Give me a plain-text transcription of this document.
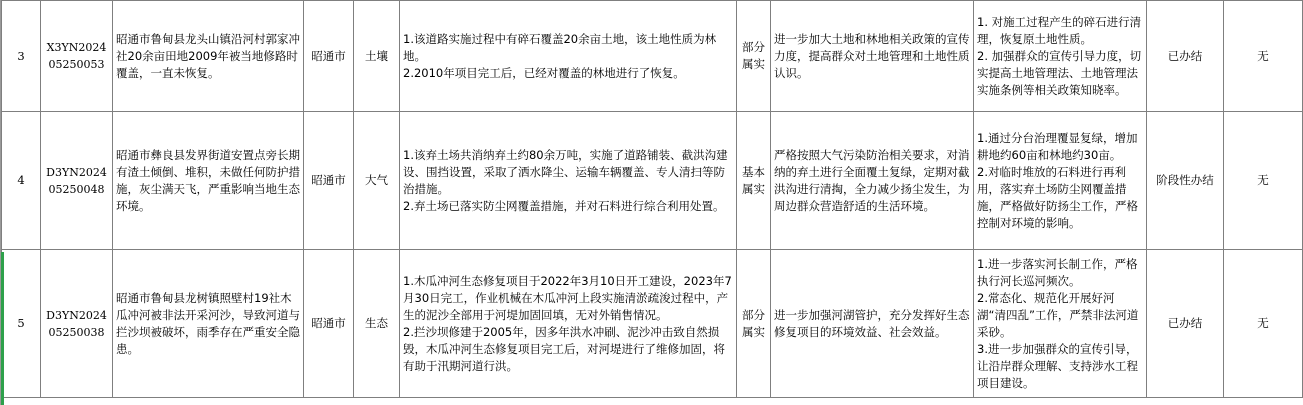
3	X3YN202405250053	昭通市鲁甸县龙头山镇沿河村郭家冲社20余亩田地2009年被当地修路时覆盖，一直未恢复。	昭通市	土壤	1.该道路实施过程中有碎石覆盖20余亩土地，该土地性质为林地。
2.2010年项目完工后，已经对覆盖的林地进行了恢复。	部分属实	进一步加大土地和林地相关政策的宣传力度，提高群众对土地管理和土地性质认识。	1. 对施工过程产生的碎石进行清理，恢复原土地性质。
2. 加强群众的宣传引导力度，切实提高土地管理法、土地管理法实施条例等相关政策知晓率。	已办结	无
4	D3YN202405250048	昭通市彝良县发界街道安置点旁长期有渣土倾倒、堆积，未做任何防护措施，灰尘满天飞，严重影响当地生态环境。	昭通市	大气	1.该弃土场共消纳弃土约80余万吨，实施了道路铺装、截洪沟建设、围挡设置，采取了洒水降尘、运输车辆覆盖、专人清扫等防治措施。
2.弃土场已落实防尘网覆盖措施，并对石料进行综合利用处置。	基本属实	严格按照大气污染防治相关要求，对消纳的弃土进行全面覆土复绿，定期对截洪沟进行清掏，全力减少扬尘发生，为周边群众营造舒适的生活环境。	1.通过分台治理覆显复绿，增加耕地约60亩和林地约30亩。
2.对临时堆放的石料进行再利用，落实弃土场防尘网覆盖措施，严格做好防扬尘工作，严格控制对环境的影响。	阶段性办结	无
5	D3YN202405250038	昭通市鲁甸县龙树镇照壁村19社木瓜冲河被非法开采河沙，导致河道与拦沙坝被破坏，雨季存在严重安全隐患。	昭通市	生态	1.木瓜冲河生态修复项目于2022年3月10日开工建设，2023年7月30日完工，作业机械在木瓜冲河上段实施清淤疏浚过程中，产生的泥沙全部用于河堤加固回填，无对外销售情况。
2.拦沙坝修建于2005年，因多年洪水冲刷、泥沙冲击致自然损毁，木瓜冲河生态修复项目完工后，对河堤进行了维修加固，将有助于汛期河道行洪。	部分属实	进一步加强河湖管护，充分发挥好生态修复项目的环境效益、社会效益。	1.进一步落实河长制工作，严格执行河长巡河频次。
2.常态化、规范化开展好河湖“清四乱”工作，严禁非法河道采砂。
3.进一步加强群众的宣传引导，让沿岸群众理解、支持涉水工程项目建设。	已办结	无
